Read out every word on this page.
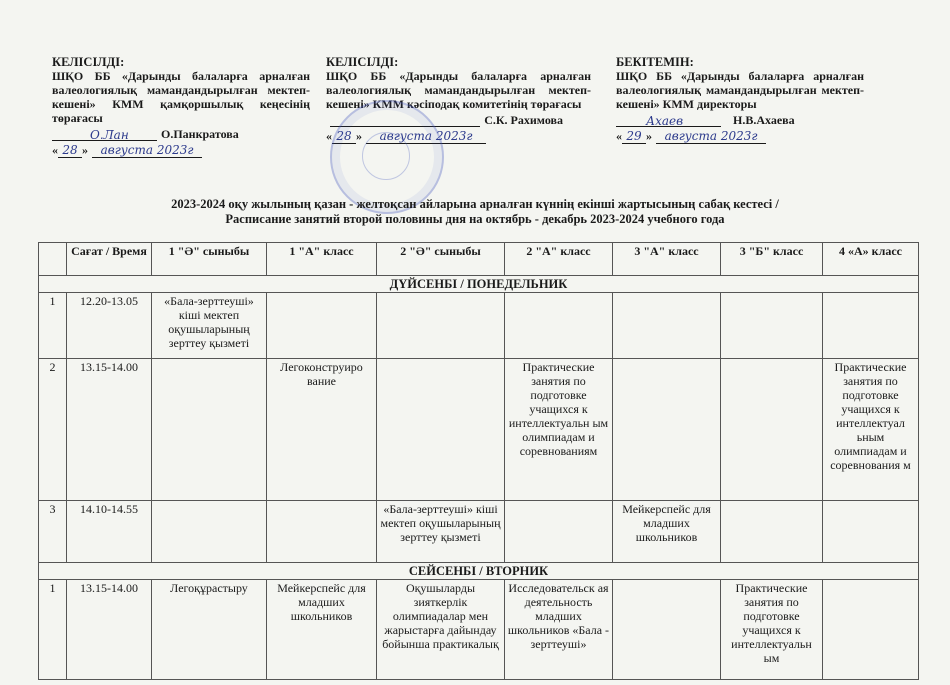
КЕЛІСІЛДІ:

ШҚО ББ «Дарынды балаларға арналған валеологиялық мамандандырылған мектеп-кешені» КММ қамқоршылық кеңесінің төрағасы

О.Лан	О.Панкратова
« 28 » августа 2023г
КЕЛІСІЛДІ:

ШҚО ББ «Дарынды балаларға арналған валеологиялық мамандандырылған мектеп-кешені» КММ кәсіподақ комитетінің төрағасы

С.К. Рахимова
« 28 » августа 2023г
БЕКІТЕМІН:

ШҚО ББ «Дарынды балаларға арналған валеологиялық мамандандырылған мектеп-кешені» КММ директоры

Ахаев	Н.В.Ахаева
« 29 » августа 2023г
2023-2024 оқу жылының қазан - желтоқсан айларына арналған күннің екінші жартысының сабақ кестесі /
Расписание занятий второй половины дня на октябрь - декабрь 2023-2024 учебного года
	Сағат / Время	1 "Ә" сыныбы	1 "А" класс	2 "Ә" сыныбы	2 "А" класс	3 "А" класс	3 "Б" класс	4 «А» класс
ДҮЙСЕНБІ / ПОНЕДЕЛЬНИК								
1	12.20-13.05	«Бала-зерттеуші» кіші мектеп оқушыларының зерттеу қызметі						
2	13.15-14.00		Легоконструиро вание		Практические занятия по подготовке учащихся к интеллектуальн ым олимпиадам и соревнованиям			Практические занятия по подготовке учащихся к интеллектуал ьным олимпиадам и соревнования м
3	14.10-14.55			«Бала-зерттеуші» кіші мектеп оқушыларының зерттеу қызметі		Мейкерспейс для младших школьников		
СЕЙСЕНБІ / ВТОРНИК								
1	13.15-14.00	Легоқұрастыру	Мейкерспейс для младших школьников	Оқушыларды зияткерлік олимпиадалар мен жарыстарға дайындау бойынша практикалық	Исследовательск ая деятельность младших школьников «Бала - зерттеуші»		Практические занятия по подготовке учащихся к интеллектуальн ым	
